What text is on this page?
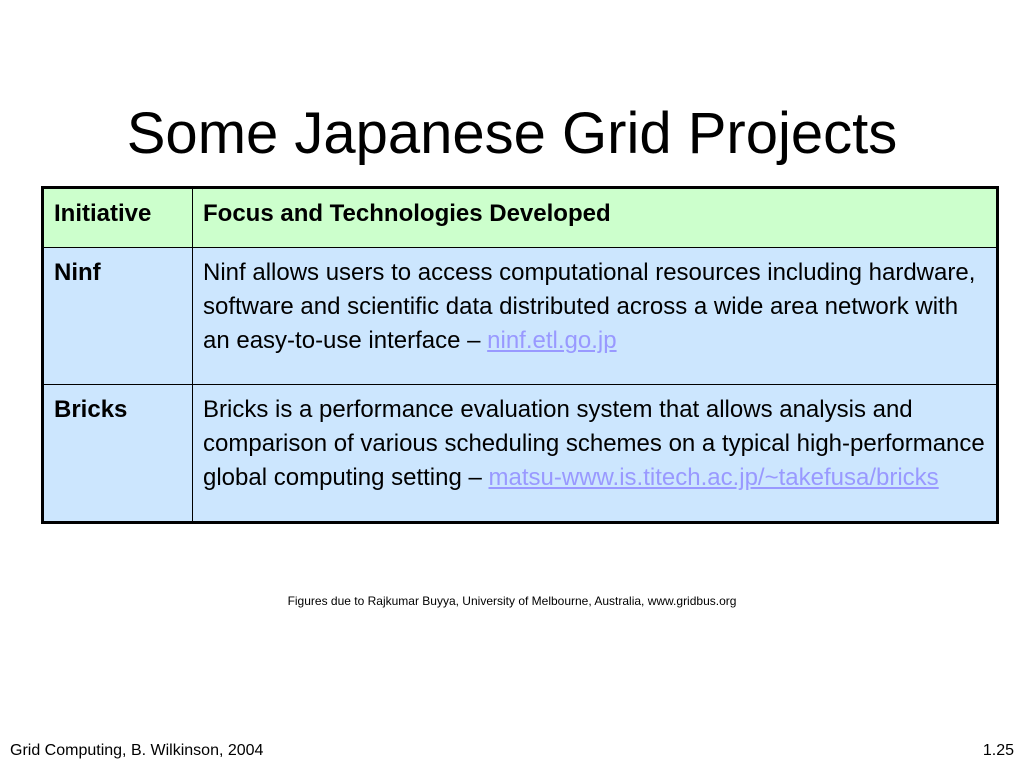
Some Japanese Grid Projects
Initiative	Focus and Technologies Developed
Ninf	Ninf allows users to access computational resources including hardware, software and scientific data distributed across a wide area network with an easy-to-use interface – ninf.etl.go.jp
Bricks	Bricks is a performance evaluation system that allows analysis and comparison of various scheduling schemes on a typical high-performance global computing setting – matsu-www.is.titech.ac.jp/~takefusa/bricks
Figures due to Rajkumar Buyya, University of Melbourne, Australia, www.gridbus.org
Grid Computing, B. Wilkinson, 2004	1.25
